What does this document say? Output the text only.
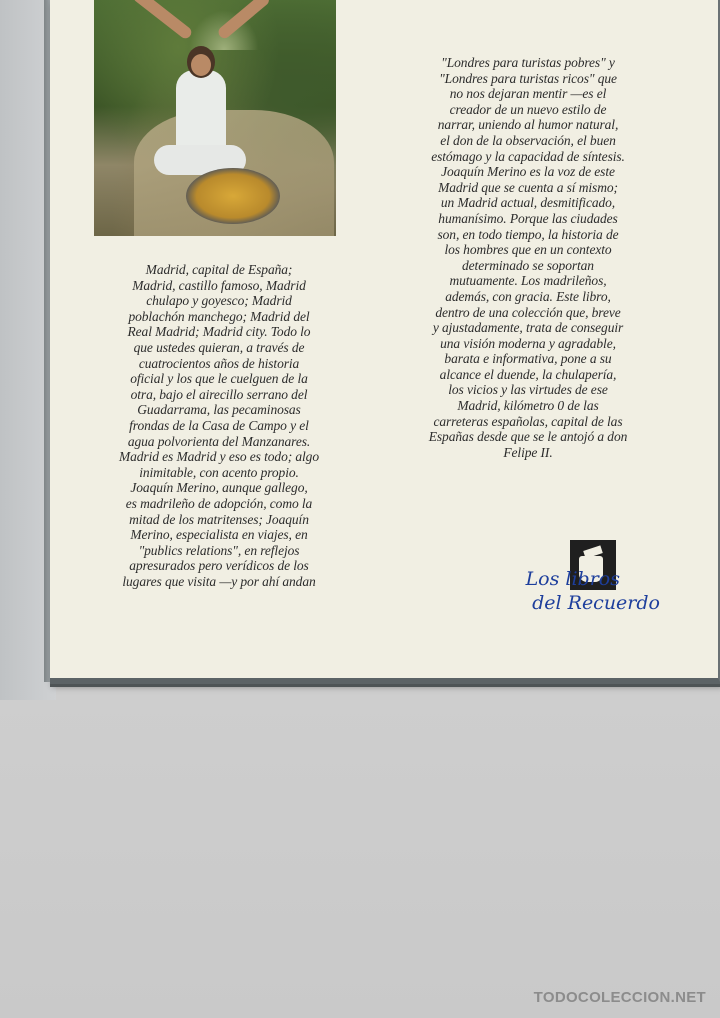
Madrid, capital de España;
Madrid, castillo famoso, Madrid
chulapo y goyesco; Madrid
poblachón manchego; Madrid del
Real Madrid; Madrid city. Todo lo
que ustedes quieran, a través de
cuatrocientos años de historia
oficial y los que le cuelguen de la
otra, bajo el airecillo serrano del
Guadarrama, las pecaminosas
frondas de la Casa de Campo y el
agua polvorienta del Manzanares.
Madrid es Madrid y eso es todo; algo
inimitable, con acento propio.
Joaquín Merino, aunque gallego,
es madrileño de adopción, como la
mitad de los matritenses; Joaquín
Merino, especialista en viajes, en
"publics relations", en reflejos
apresurados pero verídicos de los
lugares que visita —y por ahí andan

"Londres para turistas pobres" y
"Londres para turistas ricos" que
no nos dejaran mentir —es el
creador de un nuevo estilo de
narrar, uniendo al humor natural,
el don de la observación, el buen
estómago y la capacidad de síntesis.
Joaquín Merino es la voz de este
Madrid que se cuenta a sí mismo;
un Madrid actual, desmitificado,
humanísimo. Porque las ciudades
son, en todo tiempo, la historia de
los hombres que en un contexto
determinado se soportan
mutuamente. Los madrileños,
además, con gracia. Este libro,
dentro de una colección que, breve
y ajustadamente, trata de conseguir
una visión moderna y agradable,
barata e informativa, pone a su
alcance el duende, la chulapería,
los vicios y las virtudes de ese
Madrid, kilómetro 0 de las
carreteras españolas, capital de las
Españas desde que se le antojó a don
Felipe II.

Los libros
del Recuerdo
TODOCOLECCION.NET
